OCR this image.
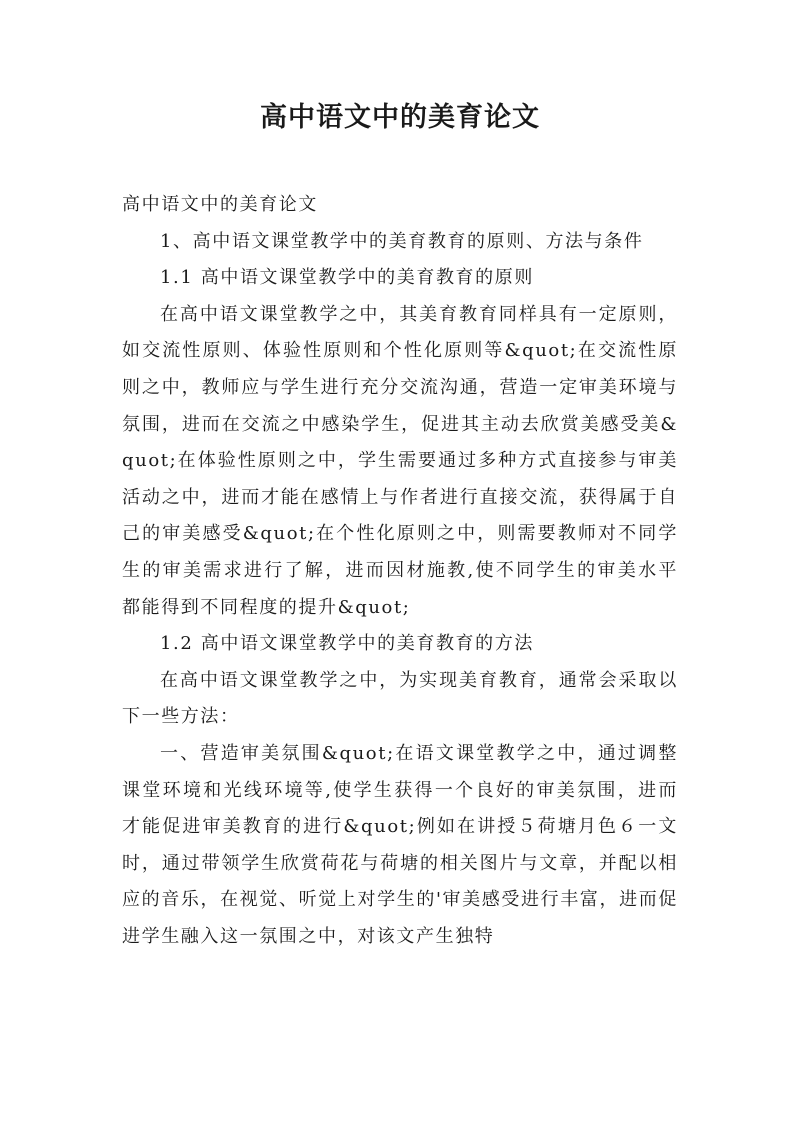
高中语文中的美育论文

高中语文中的美育论文

1、高中语文课堂教学中的美育教育的原则、方法与条件

1.1 高中语文课堂教学中的美育教育的原则

在高中语文课堂教学之中，其美育教育同样具有一定原则，如交流性原则、体验性原则和个性化原则等&quot;在交流性原则之中，教师应与学生进行充分交流沟通，营造一定审美环境与氛围，进而在交流之中感染学生，促进其主动去欣赏美感受美&quot;在体验性原则之中，学生需要通过多种方式直接参与审美活动之中，进而才能在感情上与作者进行直接交流，获得属于自己的审美感受&quot;在个性化原则之中，则需要教师对不同学生的审美需求进行了解，进而因材施教,使不同学生的审美水平都能得到不同程度的提升&quot;

1.2 高中语文课堂教学中的美育教育的方法

在高中语文课堂教学之中，为实现美育教育，通常会采取以下一些方法：

一、营造审美氛围&quot;在语文课堂教学之中，通过调整课堂环境和光线环境等,使学生获得一个良好的审美氛围，进而才能促进审美教育的进行&quot;例如在讲授５荷塘月色６一文时，通过带领学生欣赏荷花与荷塘的相关图片与文章，并配以相应的音乐，在视觉、听觉上对学生的'审美感受进行丰富，进而促进学生融入这一氛围之中，对该文产生独特
